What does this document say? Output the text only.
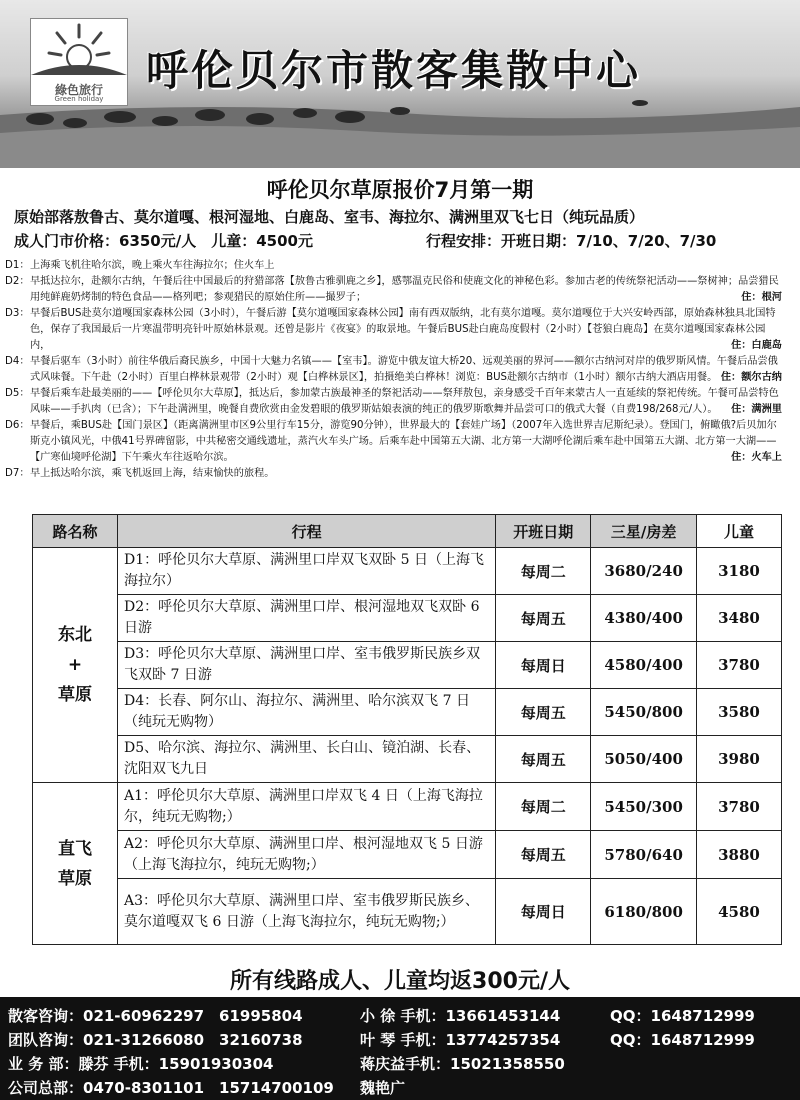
綠色旅行
Green holiday
呼伦贝尔市散客集散中心
呼伦贝尔草原报价7月第一期
原始部落敖鲁古、莫尔道嘎、根河湿地、白鹿岛、室韦、海拉尔、满洲里双飞七日（纯玩品质）
成人门市价格：6350元/人　儿童：4500元	行程安排：开班日期：7/10、7/20、7/30
D1： 上海乘飞机往哈尔滨，晚上乘火车往海拉尔；住火车上
D2： 早抵达拉尔，赴额尔古纳，午餐后往中国最后的狩猎部落【敖鲁古雅驯鹿之乡】，感鄂温克民俗和使鹿文化的神秘色彩。参加古老的传统祭祀活动——祭树神；品尝猎民用纯鲜鹿奶烤制的特色食品——格列吧；参观猎民的原始住所——撮罗子；	住：根河
D3： 早餐后BUS赴莫尔道嘎国家森林公园（3小时），午餐后游【莫尔道嘎国家森林公园】南有西双版纳，北有莫尔道嘎。莫尔道嘎位于大兴安岭西部，原始森林独具北国特色，保存了我国最后一片寒温带明亮针叶原始林景观。还曾是影片《夜宴》的取景地。午餐后BUS赴白鹿岛度假村（2小时）【苍狼白鹿岛】在莫尔道嘎国家森林公园内，	住：白鹿岛
D4： 早餐后驱车（3小时）前往华俄后裔民族乡，中国十大魅力名镇——【室韦】。游览中俄友谊大桥20、远观美丽的界河——额尔古纳河对岸的俄罗斯风情。午餐后品尝俄式风味餐。下午赴（2小时）百里白桦林景观带（2小时）观【白桦林景区】，拍摄绝美白桦林！浏览：BUS赴额尔古纳市（1小时）额尔古纳大酒店用餐。 住：额尔古纳
D5： 早餐后乘车赴最美丽的——【呼伦贝尔大草原】，抵达后，参加蒙古族最神圣的祭祀活动——祭拜敖包，亲身感受千百年来蒙古人一直延续的祭祀传统。午餐可品尝特色风味——手扒肉（已含）；下午赴满洲里，晚餐自费欣赏由金发碧眼的俄罗斯姑娘表演的纯正的俄罗斯歌舞并品尝可口的俄式大餐（自费198/268元/人）。	住：满洲里
D6： 早餐后，乘BUS赴【国门景区】（距离满洲里市区9公里行车15分，游览90分钟），世界最大的【套娃广场】（2007年入选世界吉尼斯纪录）。登国门，俯瞰俄?后贝加尔斯克小镇风光，中俄41号界碑留影，中共秘密交通线遗址，蒸汽火车头广场。后乘车赴中国第五大湖、北方第一大湖呼伦湖后乘车赴中国第五大湖、北方第一大湖——【广寒仙境呼伦湖】下午乘火车往返哈尔滨。	住：火车上
D7： 早上抵达哈尔滨，乘飞机返回上海，结束愉快的旅程。
路名称	行程	开班日期	三星/房差	儿童

东北
+
草原	D1：呼伦贝尔大草原、满洲里口岸双飞双卧 5 日（上海飞海拉尔）	每周二	3680/240	3180
	D2：呼伦贝尔大草原、满洲里口岸、根河湿地双飞双卧 6 日游	每周五	4380/400	3480
	D3：呼伦贝尔大草原、满洲里口岸、室韦俄罗斯民族乡双飞双卧 7 日游	每周日	4580/400	3780
	D4：长春、阿尔山、海拉尔、满洲里、哈尔滨双飞 7 日（纯玩无购物）	每周五	5450/800	3580
	D5、哈尔滨、海拉尔、满洲里、长白山、镜泊湖、长春、沈阳双飞九日	每周五	5050/400	3980

直飞
草原	A1：呼伦贝尔大草原、满洲里口岸双飞 4 日（上海飞海拉尔，纯玩无购物;）	每周二	5450/300	3780
	A2：呼伦贝尔大草原、满洲里口岸、根河湿地双飞 5 日游　（上海飞海拉尔，纯玩无购物;）	每周五	5780/640	3880
	A3：呼伦贝尔大草原、满洲里口岸、室韦俄罗斯民族乡、莫尔道嘎双飞 6 日游（上海飞海拉尔，纯玩无购物;）	每周日	6180/800	4580
所有线路成人、儿童均返300元/人
散客咨询：021-60962297　61995804	小 徐 手机：13661453144	QQ：1648712999
团队咨询：021-31266080　32160738	叶 琴 手机：13774257354	QQ：1648712999
业 务 部：滕芬 手机：15901930304	蒋庆益手机：15021358550
公司总部：0470-8301101　15714700109 魏艳广
